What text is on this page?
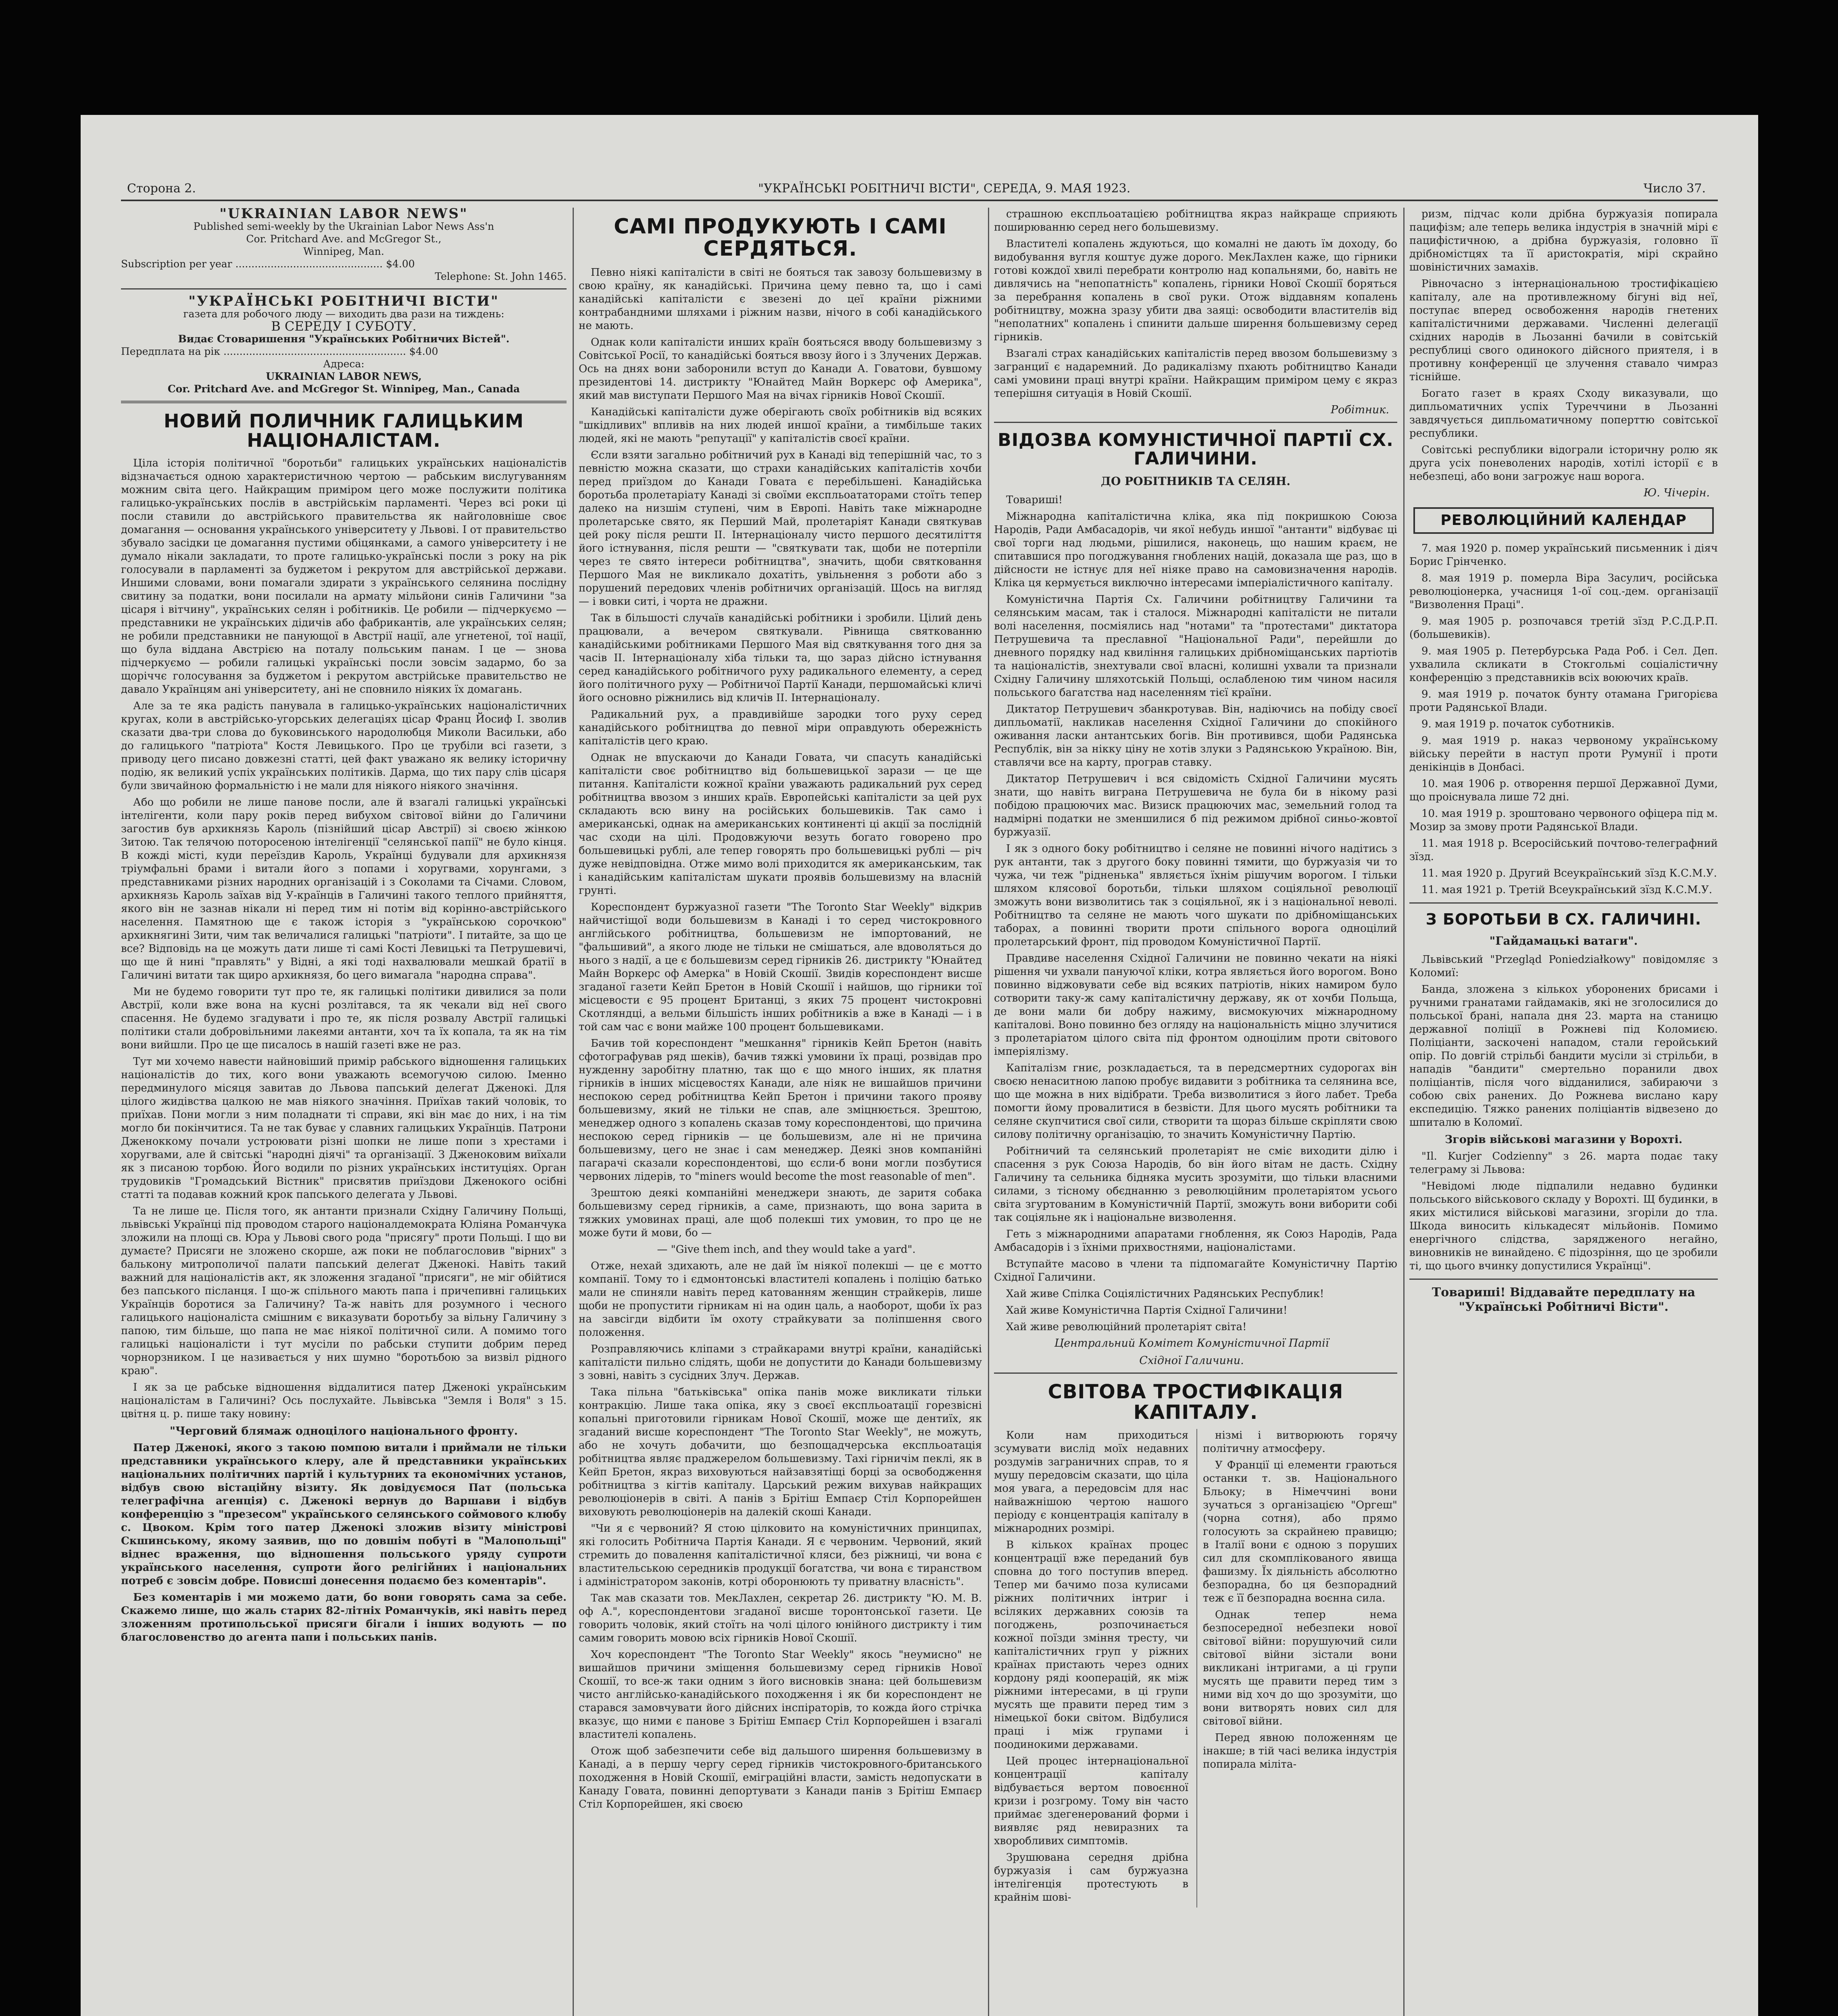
Сторона 2.	"УКРАЇНСЬКІ РОБІТНИЧІ ВІСТИ", СЕРЕДА, 9. МАЯ 1923.	Число 37.
"UKRAINIAN LABOR NEWS"
Published semi-weekly by the Ukrainian Labor News Ass'n
Cor. Pritchard Ave. and McGregor St.,
Winnipeg, Man.
Subscription per year .............................................. $4.00
Telephone: St. John 1465.
"УКРАЇНСЬКІ РОБІТНИЧІ ВІСТИ"
газета для робочого люду — виходить два рази на тиждень:
В СЕРЕДУ І СУБОТУ.
Видає Стоваришення "Українських Робітничих Вістей".
Передплата на рік ......................................................... $4.00
Адреса:
UKRAINIAN LABOR NEWS,
Cor. Pritchard Ave. and McGregor St. Winnipeg, Man., Canada
НОВИЙ ПОЛИЧНИК ГАЛИЦЬКИМ НАЦІОНАЛІСТАМ.

Ціла історія політичної "боротьби" галицьких українських націоналістів відзначається одною характеристичною чертою — рабським вислугуванням можним світа цего. Найкращим приміром цего може послужити політика галицько-українських послів в австрійськім парламенті. Через всі роки ці посли ставили до австрійського правительства як найголовніше своє домагання — основання українського університету у Львові. І от правительство збувало засідки це домагання пустими обіцянками, а самого університету і не думало нікали закладати, то проте галицько-українські посли з року на рік голосували в парламенті за буджетом і рекрутом для австрійської держави. Иншими словами, вони помагали здирати з українського селянина послідну свитину за податки, вони посилали на армату мільйони синів Галичини "за цісаря і вітчину", українських селян і робітників. Це робили — підчеркуємо — представники не українських дідичів або фабрикантів, але українських селян; не робили представники не панующої в Австрії нації, але угнетеної, тої нації, що була віддана Австрією на поталу польським панам. І це — знова підчеркуємо — робили галицькі українські посли зовсім задармо, бо за щоріччє голосування за буджетом і рекрутом австрійське правительство не давало Українцям ані університету, ані не сповнило ніяких їх домагань.

Але за те яка радість панувала в галицько-українських націоналістичних кругах, коли в австрійсько-угорських делегаціях цісар Франц Йосиф І. зволив сказати два-три слова до буковинського народолюбця Миколи Васильки, або до галицького "патріота" Костя Левицького. Про це трубіли всі газети, з приводу цего писано довжезні статті, цей факт уважано як велику історичну подію, як великий успіх українських політиків. Дарма, що тих пару слів цісаря були звичайною формальністю і не мали для ніякого ніякого значіння.

Або що робили не лише панове посли, але й взагалі галицькі українські інтелігенти, коли пару років перед вибухом світової війни до Галичини загостив був архикнязь Кароль (пізнійший цісар Австрії) зі своєю жінкою Зитою. Так телячою поторосеною інтелігенції "селянської папії" не було кінця. В кожді місті, куди переїздив Кароль, Українці будували для архикнязя тріумфальні брами і витали його з попами і хоругвами, хорунгами, з представниками різних народних організацій і з Соколами та Січами. Словом, архикнязь Кароль заїхав від У-країнців в Галичині такого теплого прийняття, якого він не зазнав нікали ні перед тим ні потім від корінно-австрійського населення. Памятною ще є також історія з "українською сорочкою" архикнягині Зити, чим так величалися галицькі "патріоти". І питайте, за що це все? Відповідь на це можуть дати лише ті самі Кості Левицькі та Петрушевичі, що ще й нині "правлять" у Відні, а які тоді нахвалювали мешкай братії в Галичині витати так щиро архикнязя, бо цего вимагала "народна справа".

Ми не будемо говорити тут про те, як галицькі політики дивилися за поли Австрії, коли вже вона на кусні розлітався, та як чекали від неї свого спасення. Не будемо згадувати і про те, як після розвалу Австрії галицькі політики стали добровільними лакеями антанти, хоч та їх копала, та як на тім вони вийшли. Про це ще писалось в нашій газеті вже не раз.

Тут ми хочемо навести найновіший примір рабського відношення галицьких націоналістів до тих, кого вони уважають всемогучою силою. Іменно передминулого місяця завитав до Львова папський делегат Дженокі. Для цілого жидівства цалкою не мав ніякого значіння. Приїхав такий чоловік, то приїхав. Пони могли з ним поладнати ті справи, які він має до них, і на тім могло би покінчитися. Та не так буває у славних галицьких Українців. Патрони Дженоккому почали устроювати різні шопки не лише попи з хрестами і хоругвами, але й світські "народні діячі" та організації. З Дженоковим виїхали як з писаною торбою. Його водили по різних українських інституціях. Орган трудовиків "Громадський Вістник" присвятив приїздови Дженокого осібні статті та подавав кожний крок папського делегата у Львові.

Та не лише це. Після того, як антанти признали Східну Галичину Польщі, львівські Українці під проводом старого націоналдемократа Юліяна Романчука зложили на площі св. Юра у Львові свого рода "присягу" проти Польщі. І що ви думаєте? Присяги не зложено скорше, аж поки не поблагословив "вірних" з балькону митрополичої палати папський делегат Дженокі. Навіть такий важний для націоналістів акт, як зложення згаданої "присяги", не міг обійтися без папського післанця. І що-ж спільного мають папа і причепивні галицьких Українців боротися за Галичину? Та-ж навіть для розумного і чесного галицького націоналіста смішним є виказувати боротьбу за вільну Галичину з папою, тим більше, що папа не має ніякої політичної сили. А помимо того галицькі націоналісти і тут мусіли по рабськи ступити добрим перед чорнорзником. І це називається у них шумно "боротьбою за визвіл рідного краю".

І як за це рабське відношення віддалитися патер Дженокі українським націоналістам в Галичині? Ось послухайте. Львівська "Земля і Воля" з 15. цвітня ц. р. пише таку новину:

"Черговий блямаж одноцілого національного фронту.

Патер Дженокі, якого з такою помпою витали і приймали не тільки представники українського клеру, але й представники українських національних політичних партій і культурних та економічних установ, відбув свою вістаційну візиту. Як довідуємося Пат (польська телеграфічна агенція) с. Дженокі вернув до Варшави і відбув конференцію з "презесом" українського селянського соймового клюбу с. Цвоком. Крім того патер Дженокі зложив візиту міністрові Скшинському, якому заявив, що по довшім побуті в "Малопольщі" віднес враження, що відношення польського уряду супроти українського населення, супроти його релігійних і національних потреб є зовсім добре. Повисші донесення подаємо без коментарів".

Без коментарів і ми можемо дати, бо вони говорять сама за себе. Скажемо лише, що жаль старих 82-літніх Романчуків, які навіть перед зложенням протипольської присяги бігали і інших водують — по благословенство до агента папи і польських панів.

САМІ ПРОДУКУЮТЬ І САМІ СЕРДЯТЬСЯ.

Певно ніякі капіталісти в світі не бояться так завозу большевизму в свою країну, як канадійські. Причина цему певно та, що і самі канадійські капіталісти є звезені до цеї країни ріжними контрабандними шляхами і ріжним назви, нічого в собі канадійського не мають.

Однак коли капіталісти инших країн боятьсяся вводу большевизму з Совітської Росії, то канадійські бояться ввозу його і з Злучених Держав. Ось на днях вони заборонили вступ до Канади А. Говатови, бувшому президентові 14. дистрикту "Юнайтед Майн Воркерс оф Америка", який мав виступати Першого Мая на вічах гірників Нової Скошії.

Канадійські капіталісти дуже оберігають своїх робітників від всяких "шкідливих" впливів на них людей иншої країни, а тимбільше таких людей, які не мають "репутації" у капіталістів своєї країни.

Єсли взяти загально робітничий рух в Канаді від теперішній час, то з певністю можна сказати, що страхи канадійських капіталістів хочби перед приїздом до Канади Говата є перебільшені. Канадійська боротьба пролетаріату Канаді зі своїми експльоататорами стоїть тепер далеко на низшім ступені, чим в Европі. Навіть таке міжнародне пролетарське свято, як Перший Май, пролетаріят Канади святкував цей року після решти II. Інтернаціоналу чисто першого десятиліття його істнування, після решти — "святкувати так, щоби не потерпіли через те свято інтереси робітництва", значить, щоби святковання Першого Мая не викликало дохатіть, увільнення з роботи або з порушений передових членів робітничих організацій. Щось на вигляд — і вовки ситі, і чорта не дражни.

Так в більшості случаїв канадійські робітники і зробили. Цілий день працювали, а вечером святкували. Рівнища святкованню канадійськими робітниками Першого Мая від святкування того дня за часів II. Інтернаціоналу хіба тільки та, що зараз дійсно істнування серед канадійського робітничого руху радикального елементу, а серед його політичного руху — Робітничої Партії Канади, першомайські кличі його основно ріжнились від кличів II. Інтернаціоналу.

Радикальний рух, а правдивійше зародки того руху серед канадійського робітництва до певної міри оправдують обережність капіталістів цего краю.

Однак не впускаючи до Канади Говата, чи спасуть канадійські капіталісти своє робітництво від большевицької зарази — це ще питання. Капіталісти кожної країни уважають радикальний рух серед робітництва ввозом з инших країв. Европейські капіталісти за цей рух складають всю вину на російських большевиків. Так само і американські, однак на американських континенті ці акції за послідній час сходи на цілі. Продовжуючи везуть богато говорено про большевицькі рублі, але тепер говорять про большевицькі рублі — річ дуже невідповідна. Отже мимо волі приходится як американським, так і канадійським капіталістам шукати проявів большевизму на власній грунті.

Кореспондент буржуазної газети "The Toronto Star Weekly" відкрив найчистіщої води большевизм в Канаді і то серед чистокровного англійського робітництва, большевизм не імпортований, не "фальшивий", а якого люде не тільки не смішаться, але вдоволяться до нього з надії, а це є большевизм серед гірників 26. дистрикту "Юнайтед Майн Воркерс оф Амерка" в Новій Скошії. Звидів кореспондент висше згаданої газети Кейп Бретон в Новій Скошії і найшов, що гірники тої місцевости є 95 процент Британці, з яких 75 процент чистокровні Скотляндці, а вельми більшість інших робітників а вже в Канаді — і в той сам час є вони майже 100 процент большевиками.

Бачив той кореспондент "мешкання" гірників Кейп Бретон (навіть сфотографував ряд шеків), бачив тяжкі умовини їх праці, розвідав про нужденну заробітну платню, так що є що много інших, як платня гірників в інших місцевостях Канади, але ніяк не вишайшов причини неспокою серед робітництва Кейп Бретон і причини такого прояву большевизму, який не тільки не спав, але зміцнюється. Зрештою, менеджер одного з копалень сказав тому кореспондентові, що причина неспокою серед гірників — це большевизм, але ні не причина большевизму, цего не знає і сам менеджер. Деякі знов компанійні пагарачі сказали кореспондентові, що єсли-б вони могли позбутися червоних лідерів, то "miners would become the most reasonable of men".

Зрештою деякі компанійні менеджери знають, де заритя собака большевизму серед гірників, а саме, признають, що вона зарита в тяжких умовинах праці, але щоб полекші тих умовин, то про це не може бути й мови, бо —

— "Give them inch, and they would take a yard".

Отже, нехай здихають, але не дай їм ніякої полекші — це є мотто компанії. Тому то і єдмонтонські властителі копалень і поліцію батько мали не спиняли навіть перед катованням женщин страйкерів, лише щоби не пропустити гірникам ні на один цаль, а наоборот, щоби їх раз на завсігди відбити їм охоту страйкувати за поліпшення свого положення.

Розправляючись кліпами з страйкарами внутрі країни, канадійські капіталісти пильно слідять, щоби не допустити до Канади большевизму з зовні, навіть з сусідних Злуч. Держав.

Така пільна "батьківська" опіка панів може викликати тільки контракцію. Лише така опіка, яку з своєї експльоатації горезвісні копальні приготовили гірникам Нової Скошії, може ще дентиїх, як згаданий висше кореспондент "The Toronto Star Weekly", не можуть, або не хочуть добачити, що безпощадчерська експльоатація робітництва являє праджерелом большевизму. Тахі гірничім пеклі, як в Кейп Бретон, якраз виховуються найзавзятіщі борці за освободження робітництва з кігтів капіталу. Царський режим вихував найкращих революціонерів в світі. А панів з Брітіш Емпаєр Стіл Корпорейшен виховують революціонерів на далекій скоші Канади.

"Чи я є червоний? Я стою цілковито на комуністичних принципах, які голосить Робітнича Партія Канади. Я є червоним. Червоний, який стремить до повалення капіталістичної кляси, без ріжниці, чи вона є властительською середників продукції богатства, чи вона є тиранством і адміністратором законів, котрі оборонюють ту приватну власність".

Так мав сказати тов. МекЛахлен, секретар 26. дистрикту "Ю. М. В. оф А.", кореспондентови згаданої висше торонтонської газети. Це говорить чоловік, який стоїть на чолі цілого юнійного дистрикту і тим самим говорить мовою всіх гірників Нової Скошії.

Хоч кореспондент "The Toronto Star Weekly" якось "неумисно" не вишайшов причини зміщення большевизму серед гірників Нової Скошії, то все-ж таки одним з його висновків знана: цей большевизм чисто англійсько-канадійського походження і як би кореспондент не старався замовчувати його дійсних інспіраторів, то кожда його стрічка вказує, що ними є панове з Брітіш Емпаєр Стіл Корпорейшен і взагалі властителі копалень.

Отож щоб забезпечити себе від дальшого ширення большевизму в Канаді, а в першу чергу серед гірників чистокровного-британського походження в Новій Скошії, еміграційні власти, замість недопускати в Канаду Говата, повинні депортувати з Канади панів з Брітіш Емпаєр Стіл Корпорейшен, які своєю

страшною експльоатацією робітництва якраз найкраще сприяють поширюванню серед него большевизму.

Властителі копалень ждуються, що комалні не дають їм доходу, бо видобування вугля коштує дуже дорого. МекЛахлен каже, що гірники готові кождої хвилі перебрати контролю над копальнями, бо, навіть не дивлячись на "непопатність" копалень, гірники Нової Скошії боряться за перебрання копалень в свої руки. Отож віддавням копалень робітництву, можна зразу убити два заяці: освободити властителів від "неполатних" копалень і спинити дальше ширення большевизму серед гірників.

Взагалі страх канадійських капіталістів перед ввозом большевизму з загранциї є надаремний. До радикалізму пхають робітництво Канади самі умовини праці внутрі країни. Найкращим приміром цему є якраз теперішня ситуація в Новій Скошії.

Робітник.
ВІДОЗВА КОМУНІСТИЧНОЇ ПАРТІЇ СХ. ГАЛИЧИНИ.
ДО РОБІТНИКІВ ТА СЕЛЯН.

Товариші!

Міжнародна капіталістична кліка, яка під покришкою Союза Народів, Ради Амбасадорів, чи якої небудь иншої "антанти" відбуває ці свої торги над людьми, рішилися, наконець, що нашим краєм, не спитавшися про погоджування гноблених націй, доказала ще раз, що в дійсности не істнує для неї ніяке право на самовизначення народів. Кліка ця кермується виключно інтересами імперіалістичного капіталу.

Комуністична Партія Сх. Галичини робітництву Галичини та селянським масам, так і сталося. Міжнародні капіталісти не питали волі населення, посміялись над "нотами" та "протестами" диктатора Петрушевича та преславної "Національної Ради", перейшли до дневного порядку над квиління галицьких дрібноміщанських партіотів та націоналістів, знехтували свої власні, колишні ухвали та признали Східну Галичину шляхотській Польщі, ослабленою тим чином насиля польського багатства над населенням тієї країни.

Диктатор Петрушевич збанкротував. Він, надіючись на побіду своєї дипльоматії, накликав населення Східної Галичини до спокійного оживання ласки антантських богів. Він противився, щоби Радянська Республік, він за нікку ціну не хотів злуки з Радянською Україною. Він, ставлячи все на карту, програв ставку.

Диктатор Петрушевич і вся свідомість Східної Галичини мусять знати, що навіть виграна Петрушевича не була би в нікому разі побідою працюючих мас. Визиск працюючих мас, земельний голод та надмірні податки не зменшилися б під режимом дрібної синьо-жовтої буржуазії.

І як з одного боку робітництво і селяне не повинні нічого надітись з рук антанти, так з другого боку повинні тямити, що буржуазія чи то чужа, чи теж "рідненька" являється їхнім рішучим ворогом. І тільки шляхом клясової боротьби, тільки шляхом соціяльної революції зможуть вони визволитись так з соціяльної, як і з національної неволі. Робітництво та селяне не мають чого шукати по дрібноміщанських таборах, а повинні творити проти спільного ворога одноцілий пролетарський фронт, під проводом Комуністичної Партії.

Правдиве населення Східної Галичини не повинно чекати на ніякі рішення чи ухвали пануючої кліки, котра являється його ворогом. Воно повинно віджовувати себе від всяких патріотів, ніких намиром було сотворити таку-ж саму капіталістичну державу, як от хочби Польща, де вони мали би добру нажиму, висмокуючих міжнародному капіталові. Воно повинно без огляду на національність міцно злучитися з пролетаріатом цілого світа під фронтом одноцілим проти світового імперіялізму.

Капіталізм гниє, розкладається, та в передсмертних судорогах він своєю ненаситною лапою пробує видавити з робітника та селянина все, що ще можна в них відібрати. Треба визволитися з його лабет. Треба помогти йому провалитися в безвісти. Для цього мусять робітники та селяне скупчитися свої сили, створити та щораз більше скріпляти свою силову політичну організацію, то значить Комуністичну Партію.

Робітничий та селянський пролетаріят не сміє виходити ділю і спасення з рук Союза Народів, бо він його вітам не дасть. Східну Галичину та сельника бідняка мусить зрозуміти, що тільки власними силами, з тісному обєднанню з революційним пролетаріятом усього світа згуртованим в Комуністичній Партії, зможуть вони виборити собі так соціяльне як і національне визволення.

Геть з міжнародними апаратами гноблення, як Союз Народів, Рада Амбасадорів і з їхніми прихвостнями, націоналістами.

Вступайте масово в члени та підпомагайте Комуністичну Партію Східної Галичини.

Хай живе Спілка Соціялістичних Радянських Республик!

Хай живе Комуністична Партія Східної Галичини!

Хай живе революційний пролетаріят світа!

Центральний Комітет Комуністичної Партії
Східної Галичини.
СВІТОВА ТРОСТИФІКАЦІЯ КАПІТАЛУ.

Коли нам приходиться зсумувати вислід моїх недавних роздумів заграничних справ, то я мушу передовсім сказати, що ціла моя увага, а передовсім для нас найважнішою чертою нашого періоду є концентрація капіталу в міжнародних розмірі.

В кількох країнах процес концентрації вже переданий був сповна до того поступив вперед. Тепер ми бачимо поза кулисами ріжних політичних інтриг і всіляких державних союзів та погоджень, розпочинається кожної поїзди зміння тресту, чи капіталістичних груп у ріжних країнах пристають через одних кордону ряді кооперацій, як між ріжними інтересами, в ці групи мусять ще правити перед тим з німецької боки світом. Відбулися праці і між групами і поодинокими державами.

Цей процес інтернаціональної концентрації капіталу відбувається вертом повоєнної кризи і розгрому. Тому він часто приймає здегенерований форми і виявляє ряд невиразних та хворобливих симптомів.

Зрушювана середня дрібна буржуазія і сам буржуазна інтелігенція протестують в крайнім шові-

нізмі і витворюють горячу політичну атмосферу.

У Франції ці елементи граються останки т. зв. Національного Бльоку; в Німеччині вони зучаться з організацією "Оргеш" (чорна сотня), або прямо голосують за скрайнею правицю; в Італії вони є одною з поруших сил для скомплікованого явища фашизму. Їх діяльність абсолютно безпорадна, бо ця безпорадний теж є її безпорадна воєнна сила.

Однак тепер нема безпосередної небезпеки нової світової війни: порушуючий сили світової війни зістали вони викликані інтригами, а ці групи мусять ще правити перед тим з ними від хоч до що зрозуміти, що вони витворять нових сил для світової війни.

Перед явною положенням це інакше; в тій часі велика індустрія попирала міліта-

ризм, підчас коли дрібна буржуазія попирала пацифізм; але теперь велика індустрія в значній мірі є пацифістичною, а дрібна буржуазія, головно її дрібномістцях та її аристократія, мірі скрайно шовіністичних замахів.

Рівночасно з інтернаціональною тростифікацією капіталу, але на противлежному бігуні від неї, поступає вперед освобоження народів гнетених капіталістичними державами. Численні делегації східних народів в Льозанні бачили в совітській республиці свого одинокого дійсного приятеля, і в противну конференції це злучення ставало чимраз тіснійше.

Богато газет в краях Сходу виказували, що дипльоматичних успіх Туреччини в Льозанні завдячується дипльоматичному поперттю совітської республики.

Совітські республики відограли історичну ролю як друга усіх поневолених народів, хотілі історії є в небезпеці, або вони загрожує наш ворога.

Ю. Чічерін.
РЕВОЛЮЦІЙНИЙ КАЛЕНДАР

7. мая 1920 р. помер український письменник і діяч Борис Грінченко.

8. мая 1919 р. померла Віра Засулич, російська революціонерка, учасниця 1-ої соц.-дем. організації "Визволення Праці".

9. мая 1905 р. розпочався третій зїзд Р.С.Д.Р.П. (большевиків).

9. мая 1905 р. Петербурська Рада Роб. і Сел. Деп. ухвалила скликати в Стокгольмі соціалістичну конференцію з представників всіх воюючих країв.

9. мая 1919 р. початок бунту отамана Григорієва проти Радянської Влади.

9. мая 1919 р. початок суботників.

9. мая 1919 р. наказ червоному українському війську перейти в наступ проти Румунії і проти денікінців в Донбасі.

10. мая 1906 р. отворення першої Державної Думи, що проіснувала лише 72 дні.

10. мая 1919 р. зроштовано червоного офіцера під м. Мозир за змову проти Радянської Влади.

11. мая 1918 р. Всеросійський почтово-телеграфний зїзд.

11. мая 1920 р. Другий Всеукраїнський зїзд К.С.М.У.

11. мая 1921 р. Третій Всеукраїнський зїзд К.С.М.У.

З БОРОТЬБИ В СХ. ГАЛИЧИНІ.
"Гайдамацькі ватаги".

Львівський "Przegląd Poniedziałkowy" повідомляє з Коломиї:

Банда, зложена з кількох уборонених брисами і ручними гранатами гайдамаків, які не зголосилися до польської брані, напала дня 23. марта на станицю державної поліції в Рожневі під Коломиєю. Поліціанти, заскочені нападом, стали геройський опір. По довгій стрільбі бандити мусіли зі стрільби, в нападів "бандити" смертельно поранили двох поліціантів, після чого відданилися, забираючи з собою свіх ранених. До Рожнева вислано кару експедицію. Тяжко ранених поліціантів відвезено до шпиталю в Коломиї.

Згорів військові магазини у Ворохті.

"Il. Kurjer Codzienny" з 26. марта подає таку телеграму зі Львова:

"Невідомі люде підпалили недавно будинки польського військового складу у Ворохті. Щ будинки, в яких містилися військові магазини, згоріли до тла. Шкода виносить кількадесят мільйонів. Помимо енергічного слідства, зарядженого негайно, виновників не винайдено. Є підозріння, що це зробили ті, що цього вчинку допустилися Українці".

Товариші! Віддавайте передплату на "Українські Робітничі Вісти".
